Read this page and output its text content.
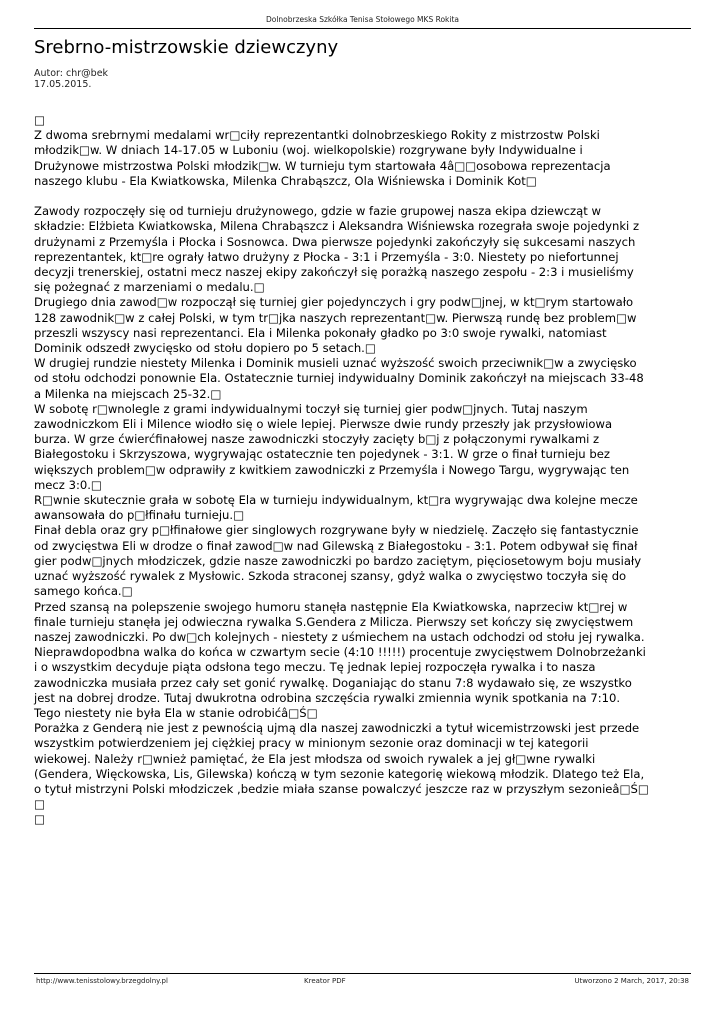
Dolnobrzeska Szkółka Tenisa Stołowego MKS Rokita
Srebrno-mistrzowskie dziewczyny
Autor: chr@bek
17.05.2015.

□

Z dwoma srebrnymi medalami wr□ciły reprezentantki dolnobrzeskiego Rokity z mistrzostw Polski
młodzik□w. W dniach 14-17.05 w Luboniu (woj. wielkopolskie) rozgrywane były Indywidualne i
Drużynowe mistrzostwa Polski młodzik□w. W turnieju tym startowała 4â□□osobowa reprezentacja
naszego klubu - Ela Kwiatkowska, Milenka Chrabąszcz, Ola Wiśniewska i Dominik Kot□

Zawody rozpoczęły się od turnieju drużynowego, gdzie w fazie grupowej nasza ekipa dziewcząt w
składzie: Elżbieta Kwiatkowska, Milena Chrabąszcz i Aleksandra Wiśniewska rozegrała swoje pojedynki z
drużynami z Przemyśla i Płocka i Sosnowca. Dwa pierwsze pojedynki zakończyły się sukcesami naszych
reprezentantek, kt□re ograły łatwo drużyny z Płocka - 3:1 i Przemyśla - 3:0. Niestety po niefortunnej
decyzji trenerskiej, ostatni mecz naszej ekipy zakończył się porażką naszego zespołu - 2:3 i musieliśmy
się pożegnać z marzeniami o medalu.□

Drugiego dnia zawod□w rozpoczął się turniej gier pojedynczych i gry podw□jnej, w kt□rym startowało
128 zawodnik□w z całej Polski, w tym tr□jka naszych reprezentant□w. Pierwszą rundę bez problem□w
przeszli wszyscy nasi reprezentanci. Ela i Milenka pokonały gładko po 3:0 swoje rywalki, natomiast
Dominik odszedł zwycięsko od stołu dopiero po 5 setach.□

W drugiej rundzie niestety Milenka i Dominik musieli uznać wyższość swoich przeciwnik□w a zwycięsko
od stołu odchodzi ponownie Ela. Ostatecznie turniej indywidualny Dominik zakończył na miejscach 33-48
a Milenka na miejscach 25-32.□

W sobotę r□wnolegle z grami indywidualnymi toczył się turniej gier podw□jnych. Tutaj naszym
zawodniczkom Eli i Milence wiodło się o wiele lepiej. Pierwsze dwie rundy przeszły jak przysłowiowa
burza. W grze ćwierćfinałowej nasze zawodniczki stoczyły zacięty b□j z połączonymi rywalkami z
Białegostoku i Skrzyszowa, wygrywając ostatecznie ten pojedynek - 3:1. W grze o finał turnieju bez
większych problem□w odprawiły z kwitkiem zawodniczki z Przemyśla i Nowego Targu, wygrywając ten
mecz 3:0.□

R□wnie skutecznie grała w sobotę Ela w turnieju indywidualnym, kt□ra wygrywając dwa kolejne mecze
awansowała do p□łfinału turnieju.□

Finał debla oraz gry p□łfinałowe gier singlowych rozgrywane były w niedzielę. Zaczęło się fantastycznie
od zwycięstwa Eli w drodze o finał zawod□w nad Gilewską z Białegostoku - 3:1. Potem odbywał się finał
gier podw□jnych młodziczek, gdzie nasze zawodniczki po bardzo zaciętym, pięciosetowym boju musiały
uznać wyższość rywalek z Mysłowic. Szkoda straconej szansy, gdyż walka o zwycięstwo toczyła się do
samego końca.□

Przed szansą na polepszenie swojego humoru stanęła następnie Ela Kwiatkowska, naprzeciw kt□rej w
finale turnieju stanęła jej odwieczna rywalka S.Gendera z Milicza. Pierwszy set kończy się zwycięstwem
naszej zawodniczki. Po dw□ch kolejnych - niestety z uśmiechem na ustach odchodzi od stołu jej rywalka.
Nieprawdopodbna walka do końca w czwartym secie (4:10 !!!!!) procentuje zwycięstwem Dolnobrzeżanki
i o wszystkim decyduje piąta odsłona tego meczu. Tę jednak lepiej rozpoczęła rywalka i to nasza
zawodniczka musiała przez cały set gonić rywalkę. Doganiając do stanu 7:8 wydawało się, ze wszystko
jest na dobrej drodze. Tutaj dwukrotna odrobina szczęścia rywalki zmiennia wynik spotkania na 7:10.
Tego niestety nie była Ela w stanie odrobićâ□Ś□

Porażka z Genderą nie jest z pewnością ujmą dla naszej zawodniczki a tytuł wicemistrzowski jest przede
wszystkim potwierdzeniem jej ciężkiej pracy w minionym sezonie oraz dominacji w tej kategorii
wiekowej. Należy r□wnież pamiętać, że Ela jest młodsza od swoich rywalek a jej gł□wne rywalki
(Gendera, Więckowska, Lis, Gilewska) kończą w tym sezonie kategorię wiekową młodzik. Dlatego też Ela,
o tytuł mistrzyni Polski młodziczek ,bedzie miała szanse powalczyć jeszcze raz w przyszłym sezonieâ□Ś□

□

□

http://www.tenisstolowy.brzegdolny.pl	Kreator PDF	Utworzono 2 March, 2017, 20:38
